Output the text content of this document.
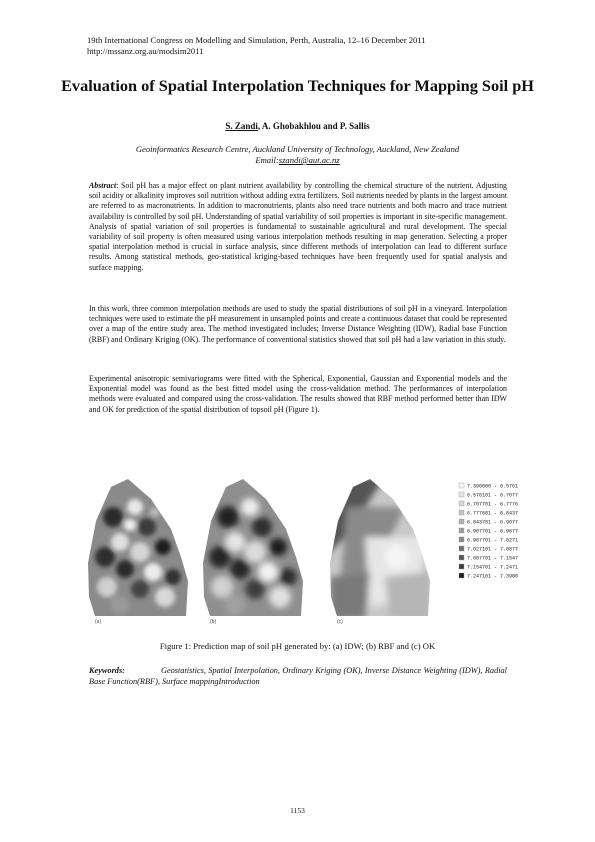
19th International Congress on Modelling and Simulation, Perth, Australia, 12–16 December 2011
http://mssanz.org.au/modsim2011
Evaluation of Spatial Interpolation Techniques for Mapping Soil pH
S. Zandi, A. Ghobakhlou and P. Sallis
Geoinformatics Research Centre, Auckland University of Technology, Auckland, New Zealand
Email:szandi@aut.ac.nz
Abstract: Soil pH has a major effect on plant nutrient availability by controlling the chemical structure of the nutrient. Adjusting soil acidity or alkalinity improves soil nutrition without adding extra fertilizers. Soil nutrients needed by plants in the largest amount are referred to as macronutrients. In addition to macronutrients, plants also need trace nutrients and both macro and trace nutrient availability is controlled by soil pH. Understanding of spatial variability of soil properties is important in site-specific management. Analysis of spatial variation of soil properties is fundamental to sustainable agricultural and rural development. The special variability of soil property is often measured using various interpolation methods resulting in map generation. Selecting a proper spatial interpolation method is crucial in surface analysis, since different methods of interpolation can lead to different surface results. Among statistical methods, geo-statistical kriging-based techniques have been frequently used for spatial analysis and surface mapping.
In this work, three common interpolation methods are used to study the spatial distributions of soil pH in a vineyard. Interpolation techniques were used to estimate the pH measurement in unsampled points and create a continuous dataset that could be represented over a map of the entire study area. The method investigated includes; Inverse Distance Weighting (IDW), Radial base Function (RBF) and Ordinary Kriging (OK). The performance of conventional statistics showed that soil pH had a law variation in this study.
Experimental anisotropic semivariograms were fitted with the Spherical, Exponential, Gaussian and Exponential models and the Exponential model was found as the best fitted model using the cross-validation method. The performances of interpolation methods were evaluated and compared using the cross-validation. The results showed that RBF method performed better than IDW and OK for prediction of the spatial distribution of topsoil pH (Figure 1).
(a)	(b)	(c)
7.390000 - 6.5761
6.576101 - 6.7077
6.707701 - 6.7776
6.777601 - 6.8437
6.843701 - 6.9077
6.907701 - 6.9677
6.967701 - 7.0271
7.027101 - 7.0877
7.087701 - 7.1547
7.154701 - 7.2471
7.247101 - 7.3900
Figure 1: Prediction map of soil pH generated by: (a) IDW; (b) RBF and (c) OK
Keywords:	Geostatistics, Spatial Interpolation, Ordinary Kriging (OK), Inverse Distance Weighting (IDW), Radial Base Function(RBF), Surface mappingIntroduction
1153
